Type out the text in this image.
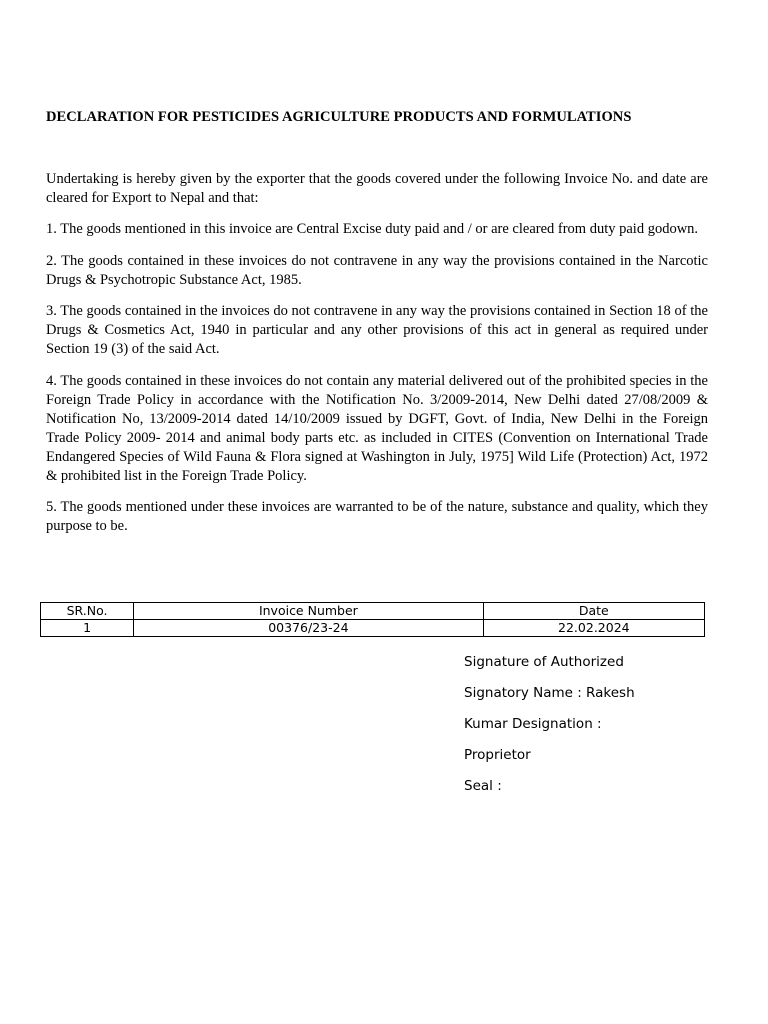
DECLARATION FOR PESTICIDES AGRICULTURE PRODUCTS AND FORMULATIONS

Undertaking is hereby given by the exporter that the goods covered under the following Invoice No. and date are cleared for Export to Nepal and that:

1. The goods mentioned in this invoice are Central Excise duty paid and / or are cleared from duty paid godown.

2. The goods contained in these invoices do not contravene in any way the provisions contained in the Narcotic Drugs & Psychotropic Substance Act, 1985.

3. The goods contained in the invoices do not contravene in any way the provisions contained in Section 18 of the Drugs & Cosmetics Act, 1940 in particular and any other provisions of this act in general as required under Section 19 (3) of the said Act.

4. The goods contained in these invoices do not contain any material delivered out of the prohibited species in the Foreign Trade Policy in accordance with the Notification No. 3/2009-2014, New Delhi dated 27/08/2009 & Notification No, 13/2009-2014 dated 14/10/2009 issued by DGFT, Govt. of India, New Delhi in the Foreign Trade Policy 2009- 2014 and animal body parts etc. as included in CITES (Convention on International Trade Endangered Species of Wild Fauna & Flora signed at Washington in July, 1975] Wild Life (Protection) Act, 1972 & prohibited list in the Foreign Trade Policy.

5. The goods mentioned under these invoices are warranted to be of the nature, substance and quality, which they purpose to be.

SR.No.	Invoice Number	Date
1	00376/23-24	22.02.2024
Signature of Authorized
Signatory Name : Rakesh
Kumar Designation :
Proprietor
Seal :
